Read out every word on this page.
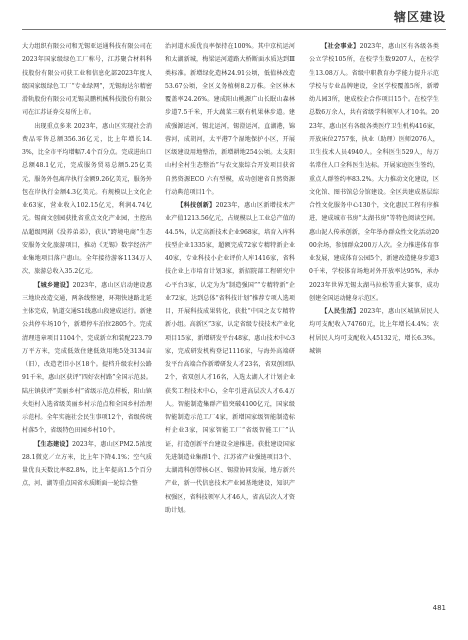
辖区建设

大力组织有限公司和无锡亚运通科技有限公司在2023年国家级绿色工厂称号，江苏聚合材料科技股份有限公司获工业和信息化部2023年度人级国家级绿色工厂“专业绿网”，无锡海达尔精密滑轨股份有限公司无锡灵鹏机械科技股份有限公司在江苏证券交易所上市。

出现重点多来 2023年，惠山区实现社会消费品零售总额356.36亿元，比上年增长14.3%，比全市平均增幅7.4个百分点。完成进出口总额48.1亿元，完成服务贸易总额5.25亿美元，服务外包离岸执行金额9.26亿美元，服务外包在岸执行金额4.3亿美元。有规模以上文化企业63家，营业收入102.15亿元，利润4.74亿元。锡商文创园获批省重点文化产业园，主控出品超级网剧《没养弟弟》，获认“跨境电商”生态安服务文化旅游项目，推动《无锡》数字经济产业集地项目落户惠山。全年接待游客1134万人次，旅游总收入35.2亿元。

【城乡建设】2023年，惠山区启动建设惠三地块改造交通，两条线整建，环翔快速路北延主体完成，轨道交通S1线惠山段建成运行。新建公共停车场10个，新增停车泊位2805个。完成清理违章项目1104个，完成新立和装配223.79万平方米，完成低效住建低效用地5处3134亩（旧），改造老旧小区18个。提档升级农村公路91千米，惠山区获评“四好农村路”全国示范县。陆庄镇获评“美丽乡村”省级示范点样板，阳山镇火炬村入选省级美丽乡村示范点和全国乡村治理示范村。全年实施社会民生事项12个，省级传统村落5个，省级特色田园乡村10个。

【生态建设】2023年，惠山区PM2.5浓度28.1微克／立方米，比上年下降4.1%；空气质量优良天数比率82.8%，比上年提高1.5个百分点，河、湖等重点国省水质断面一轮综合整

治河道水质优良率保持在100%。其中京杭运河和太湖新城，梅梁运河道路大桥断面水质达到Ⅲ类标准。新增绿化造林24.91公顷，低值林改造53.67公顷，全区义务植树8.2万株。全区林木覆盖率24.26%。建成阳山桃源广山长眠山森林步道7.5千米，开大蔬菜三联有机果林步道。建成强源运河，锡北运河，锡澄运河，直湖港，锦蓉河，成胡河，太平港7个湿地保护小区，开展区级建设用地整治，新增耕地254公顷。太支阳山村全村生态整治”与农文旅综合开发项目获省自然资源ECO 六有型模，成功创建省自然资源行动典范项目1个。

【科技创新】2023年，惠山区新增技术产业产值1213.56亿元，占规模以上工业总产值的44.5%，认定高新技术企业968家，培育入库科技型企业1335家，超额完成72家专精特新企业40家，专业科技小企业评价人库1416家，省科技企业上市培育计划3家，新招院部工程研究中心平台3家，认定为为“制造强国”“专精特新”企业72家，达到总体“省科技计划”推荐专项人选项目，开展科技成果转化，获批“中国之友专精特新小组。高新区”3家，认定省级专技技术产业化项目15家，新增研发平台48家，惠山技术中心3家，完成研发机构登记1116家，与海外高端研发平台高端合作新增研发人才23名，省双创团队2个，省双创人才16名，入选太湖人才计划企业获奖工程技术中心，全年引进高层次人才6.4万人。智能制造集群产值突破4100亿元，国家级智能制造示范工厂4家，新增国家级智能制造标杆企业3家，国家智能工厂“省级智能工厂”认证，打造创新平台建设全速推进。获批建设国家先进制造业集群1个、江苏省产业强链项目3个、太湖湾科创带核心区、锡澄协同发展，地方新兴产业，新一代信息技术产业园基地建设，知识产权强区，省科技领军人才46人，省高层次人才资助计划。

【社会事业】2023年，惠山区有各级各类公立学校105所，在校学生数9207人，在校学生13.08万人。省级中职教育办学能力提升示范学校与专业品牌建设，全区学校覆盖5所，新增幼儿园3所，建成校企合作项目15个。在校学生总数6万余人，共有省级学科领军人才10名。2023年，惠山区有各级各类医疗卫生机构416家，开放床位2757张，执业（助理）医师2076人，卫生技术人员4940人。全科医生529人，每万名常住人口全科医生达标。开展家庭医生签约，重点人群签约率83.2%。大力推动文化建设，区文化馆、图书馆总分馆建设。全区共建成基层综合性文化服务中心130个，文化惠民工程有序推进，建成城市书房“太湖书房”等特色阅读空间。惠山泥人传承创新，全年举办群众性文化活动2000余场，参加群众200万人次。全力推进体育事业发展，建成体育公园5个，新建改造健身步道30千米，学校体育场地对外开放率达95%，承办2023年世界无锡太湖马拉松等重大赛事，成功创建全国运动健身示范区。

【人民生活】2023年，惠山区城镇居民人均可支配收入74760元，比上年增长4.4%；农村居民人均可支配收入45132元，增长6.3%。城镇

481
